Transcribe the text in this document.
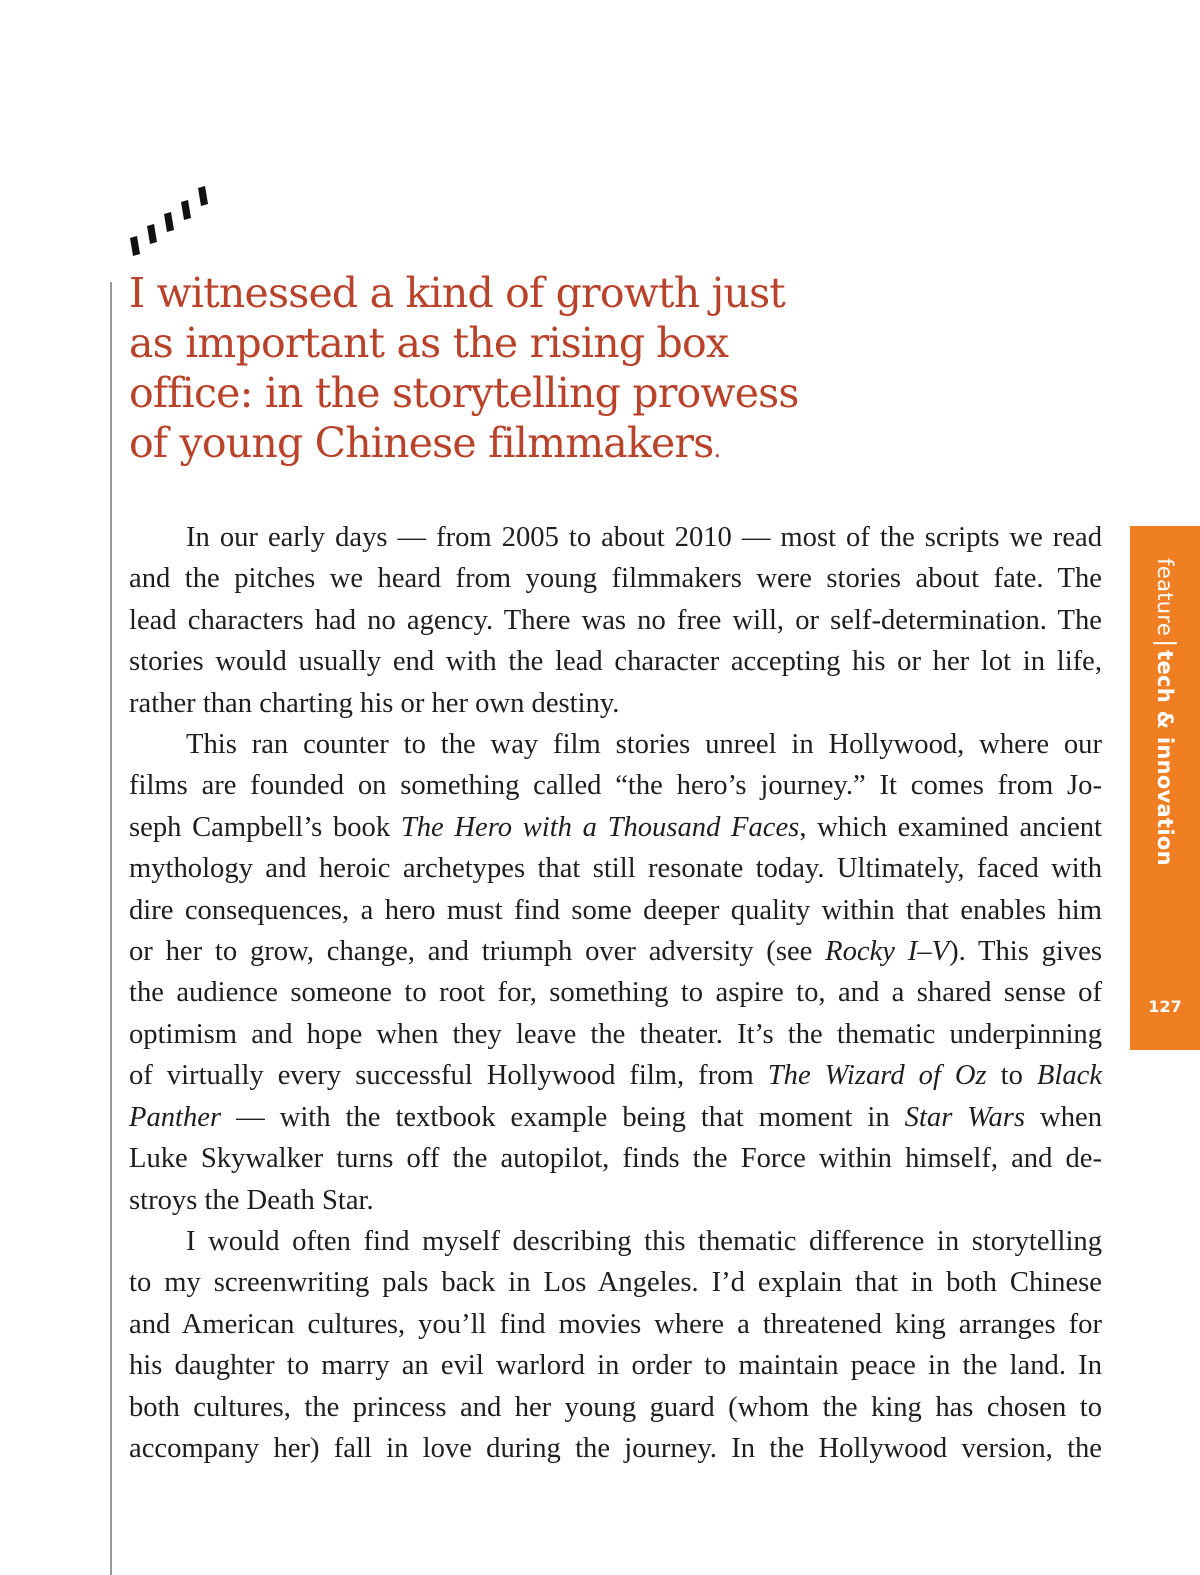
I witnessed a kind of growth just
as important as the rising box
office: in the storytelling prowess
of young Chinese filmmakers.

In our early days — from 2005 to about 2010 — most of the scripts we read
and the pitches we heard from young filmmakers were stories about fate. The
lead characters had no agency. There was no free will, or self-determination. The
stories would usually end with the lead character accepting his or her lot in life,
rather than charting his or her own destiny.

This ran counter to the way film stories unreel in Hollywood, where our
films are founded on something called “the hero’s journey.” It comes from Jo-
seph Campbell’s book The Hero with a Thousand Faces, which examined ancient
mythology and heroic archetypes that still resonate today. Ultimately, faced with
dire consequences, a hero must find some deeper quality within that enables him
or her to grow, change, and triumph over adversity (see Rocky I–V). This gives
the audience someone to root for, something to aspire to, and a shared sense of
optimism and hope when they leave the theater. It’s the thematic underpinning
of virtually every successful Hollywood film, from The Wizard of Oz to Black
Panther — with the textbook example being that moment in Star Wars when
Luke Skywalker turns off the autopilot, finds the Force within himself, and de-
stroys the Death Star.

I would often find myself describing this thematic difference in storytelling
to my screenwriting pals back in Los Angeles. I’d explain that in both Chinese
and American cultures, you’ll find movies where a threatened king arranges for
his daughter to marry an evil warlord in order to maintain peace in the land. In
both cultures, the princess and her young guard (whom the king has chosen to
accompany her) fall in love during the journey. In the Hollywood version, the

featuretech & innovation
127
